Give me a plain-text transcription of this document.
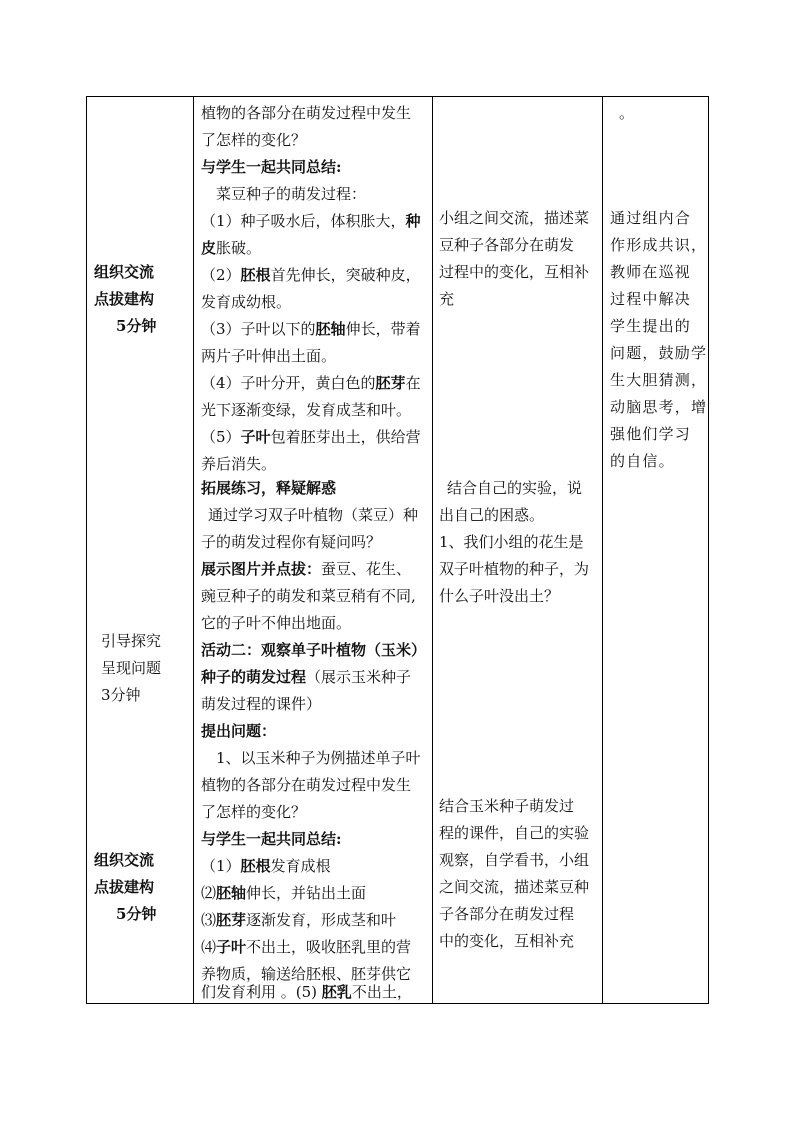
组织交流
点拔建构
5分钟
引导探究
呈现问题
3分钟
组织交流
点拔建构
5分钟
植物的各部分在萌发过程中发生
了怎样的变化？
与学生一起共同总结:
菜豆种子的萌发过程：
（1）种子吸水后，体积胀大，种
皮胀破。
（2）胚根首先伸长，突破种皮，
发育成幼根。
（3）子叶以下的胚轴伸长，带着
两片子叶伸出土面。
（4）子叶分开，黄白色的胚芽在
光下逐渐变绿，发育成茎和叶。
（5）子叶包着胚芽出土，供给营
养后消失。
拓展练习，释疑解惑
通过学习双子叶植物（菜豆）种
子的萌发过程你有疑问吗？
展示图片并点拔：蚕豆、花生、
豌豆种子的萌发和菜豆稍有不同,
它的子叶不伸出地面。
活动二：观察单子叶植物（玉米）
种子的萌发过程（展示玉米种子
萌发过程的课件）
提出问题：
1、以玉米种子为例描述单子叶
植物的各部分在萌发过程中发生
了怎样的变化？
与学生一起共同总结:
（1）胚根发育成根
⑵胚轴伸长，并钻出土面
⑶胚芽逐渐发育，形成茎和叶
⑷子叶不出土，吸收胚乳里的营
养物质，输送给胚根、胚芽供它
们发育利用 。(5) 胚乳不出土，
小组之间交流，描述菜
豆种子各部分在萌发
过程中的变化，互相补
充
结合自己的实验，说
出自己的困惑。
1、我们小组的花生是
双子叶植物的种子，为
什么子叶没出土？
结合玉米种子萌发过
程的课件，自己的实验
观察，自学看书，小组
之间交流，描述菜豆种
子各部分在萌发过程
中的变化，互相补充
。
通过组内合
作形成共识，
教师在巡视
过程中解决
学生提出的
问题，鼓励学
生大胆猜测，
动脑思考，增
强他们学习
的自信。
